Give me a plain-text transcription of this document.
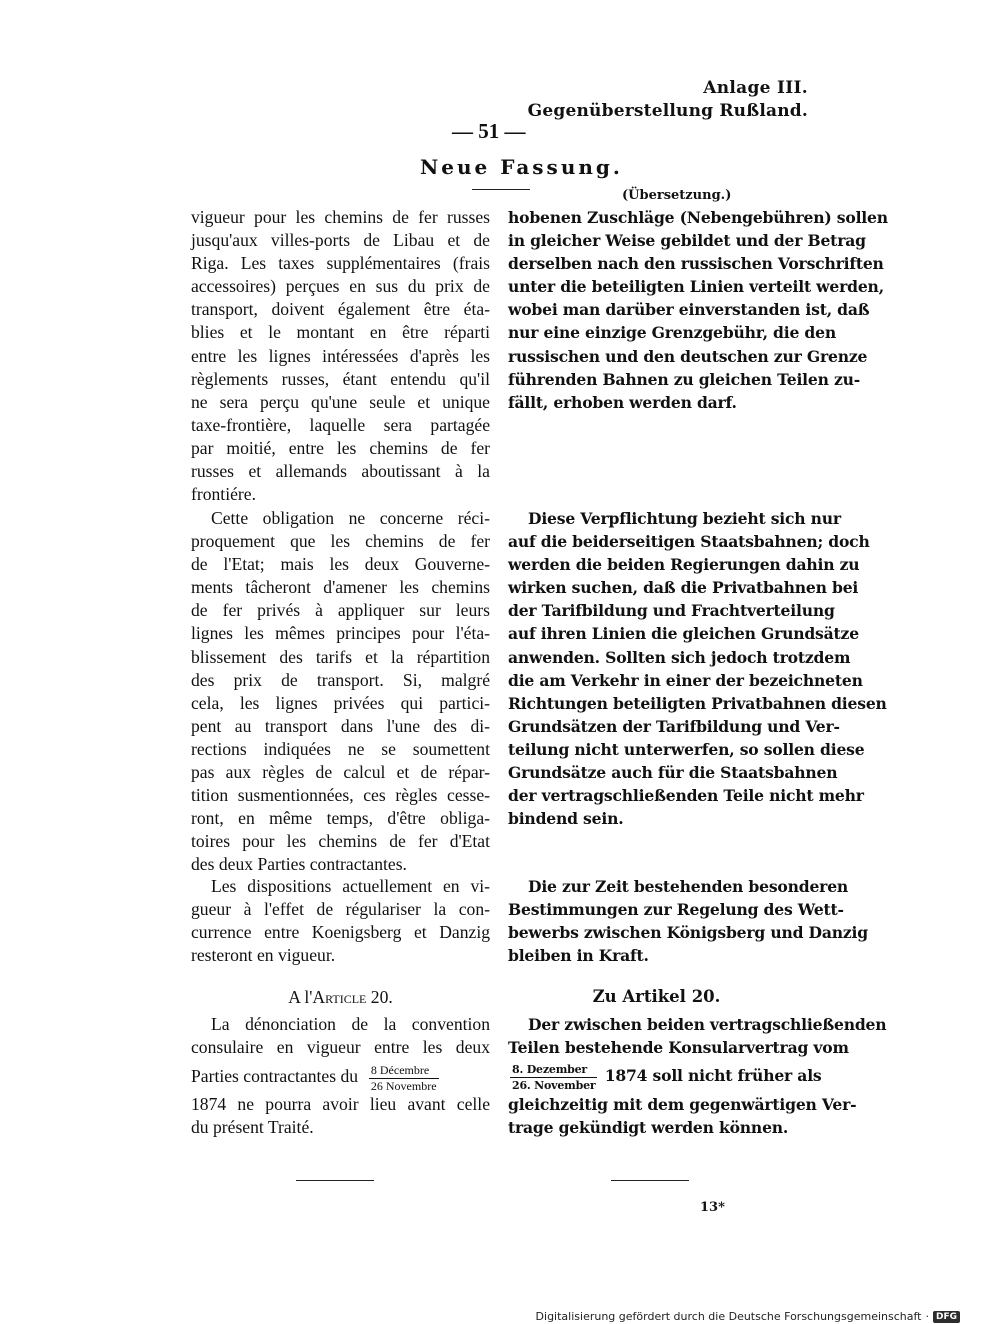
Anlage III.
Gegenüberstellung Rußland.
— 51 —
Neue Fassung.
(Übersetzung.)
vigueur pour les chemins de fer russes
jusqu'aux villes-ports de Libau et de
Riga. Les taxes supplémentaires (frais
accessoires) perçues en sus du prix de
transport, doivent également être éta-
blies et le montant en être réparti
entre les lignes intéressées d'après les
règlements russes, étant entendu qu'il
ne sera perçu qu'une seule et unique
taxe-frontière, laquelle sera partagée
par moitié, entre les chemins de fer
russes et allemands aboutissant à la
frontiére.
Cette obligation ne concerne réci-
proquement que les chemins de fer
de l'Etat; mais les deux Gouverne-
ments tâcheront d'amener les chemins
de fer privés à appliquer sur leurs
lignes les mêmes principes pour l'éta-
blissement des tarifs et la répartition
des prix de transport. Si, malgré
cela, les lignes privées qui partici-
pent au transport dans l'une des di-
rections indiquées ne se soumettent
pas aux règles de calcul et de répar-
tition susmentionnées, ces règles cesse-
ront, en même temps, d'être obliga-
toires pour les chemins de fer d'Etat
des deux Parties contractantes.
Les dispositions actuellement en vi-
gueur à l'effet de régulariser la con-
currence entre Koenigsberg et Danzig
resteront en vigueur.
A l'Article 20.
La dénonciation de la convention
consulaire en vigueur entre les deux
Parties contractantes du $\frac{\text{8 Décembre}}{\text{26 Novembre}}$
1874 ne pourra avoir lieu avant celle
du présent Traité.
hobenen Zuschläge (Nebengebühren) sollen
in gleicher Weise gebildet und der Betrag
derselben nach den russischen Vorschriften
unter die beteiligten Linien verteilt werden,
wobei man darüber einverstanden ist, daß
nur eine einzige Grenzgebühr, die den
russischen und den deutschen zur Grenze
führenden Bahnen zu gleichen Teilen zu-
fällt, erhoben werden darf.
Diese Verpflichtung bezieht sich nur
auf die beiderseitigen Staatsbahnen; doch
werden die beiden Regierungen dahin zu
wirken suchen, daß die Privatbahnen bei
der Tarifbildung und Frachtverteilung
auf ihren Linien die gleichen Grundsätze
anwenden. Sollten sich jedoch trotzdem
die am Verkehr in einer der bezeichneten
Richtungen beteiligten Privatbahnen diesen
Grundsätzen der Tarifbildung und Ver-
teilung nicht unterwerfen, so sollen diese
Grundsätze auch für die Staatsbahnen
der vertragschließenden Teile nicht mehr
bindend sein.
Die zur Zeit bestehenden besonderen
Bestimmungen zur Regelung des Wett-
bewerbs zwischen Königsberg und Danzig
bleiben in Kraft.
Zu Artikel 20.
Der zwischen beiden vertragschließenden
Teilen bestehende Konsularvertrag vom
$\frac{\text{8. Dezember}}{\text{26. November}} 1874$ soll nicht früher als
gleichzeitig mit dem gegenwärtigen Ver-
trage gekündigt werden können.
13*
Digitalisierung gefördert durch die Deutsche Forschungsgemeinschaft · DFG
